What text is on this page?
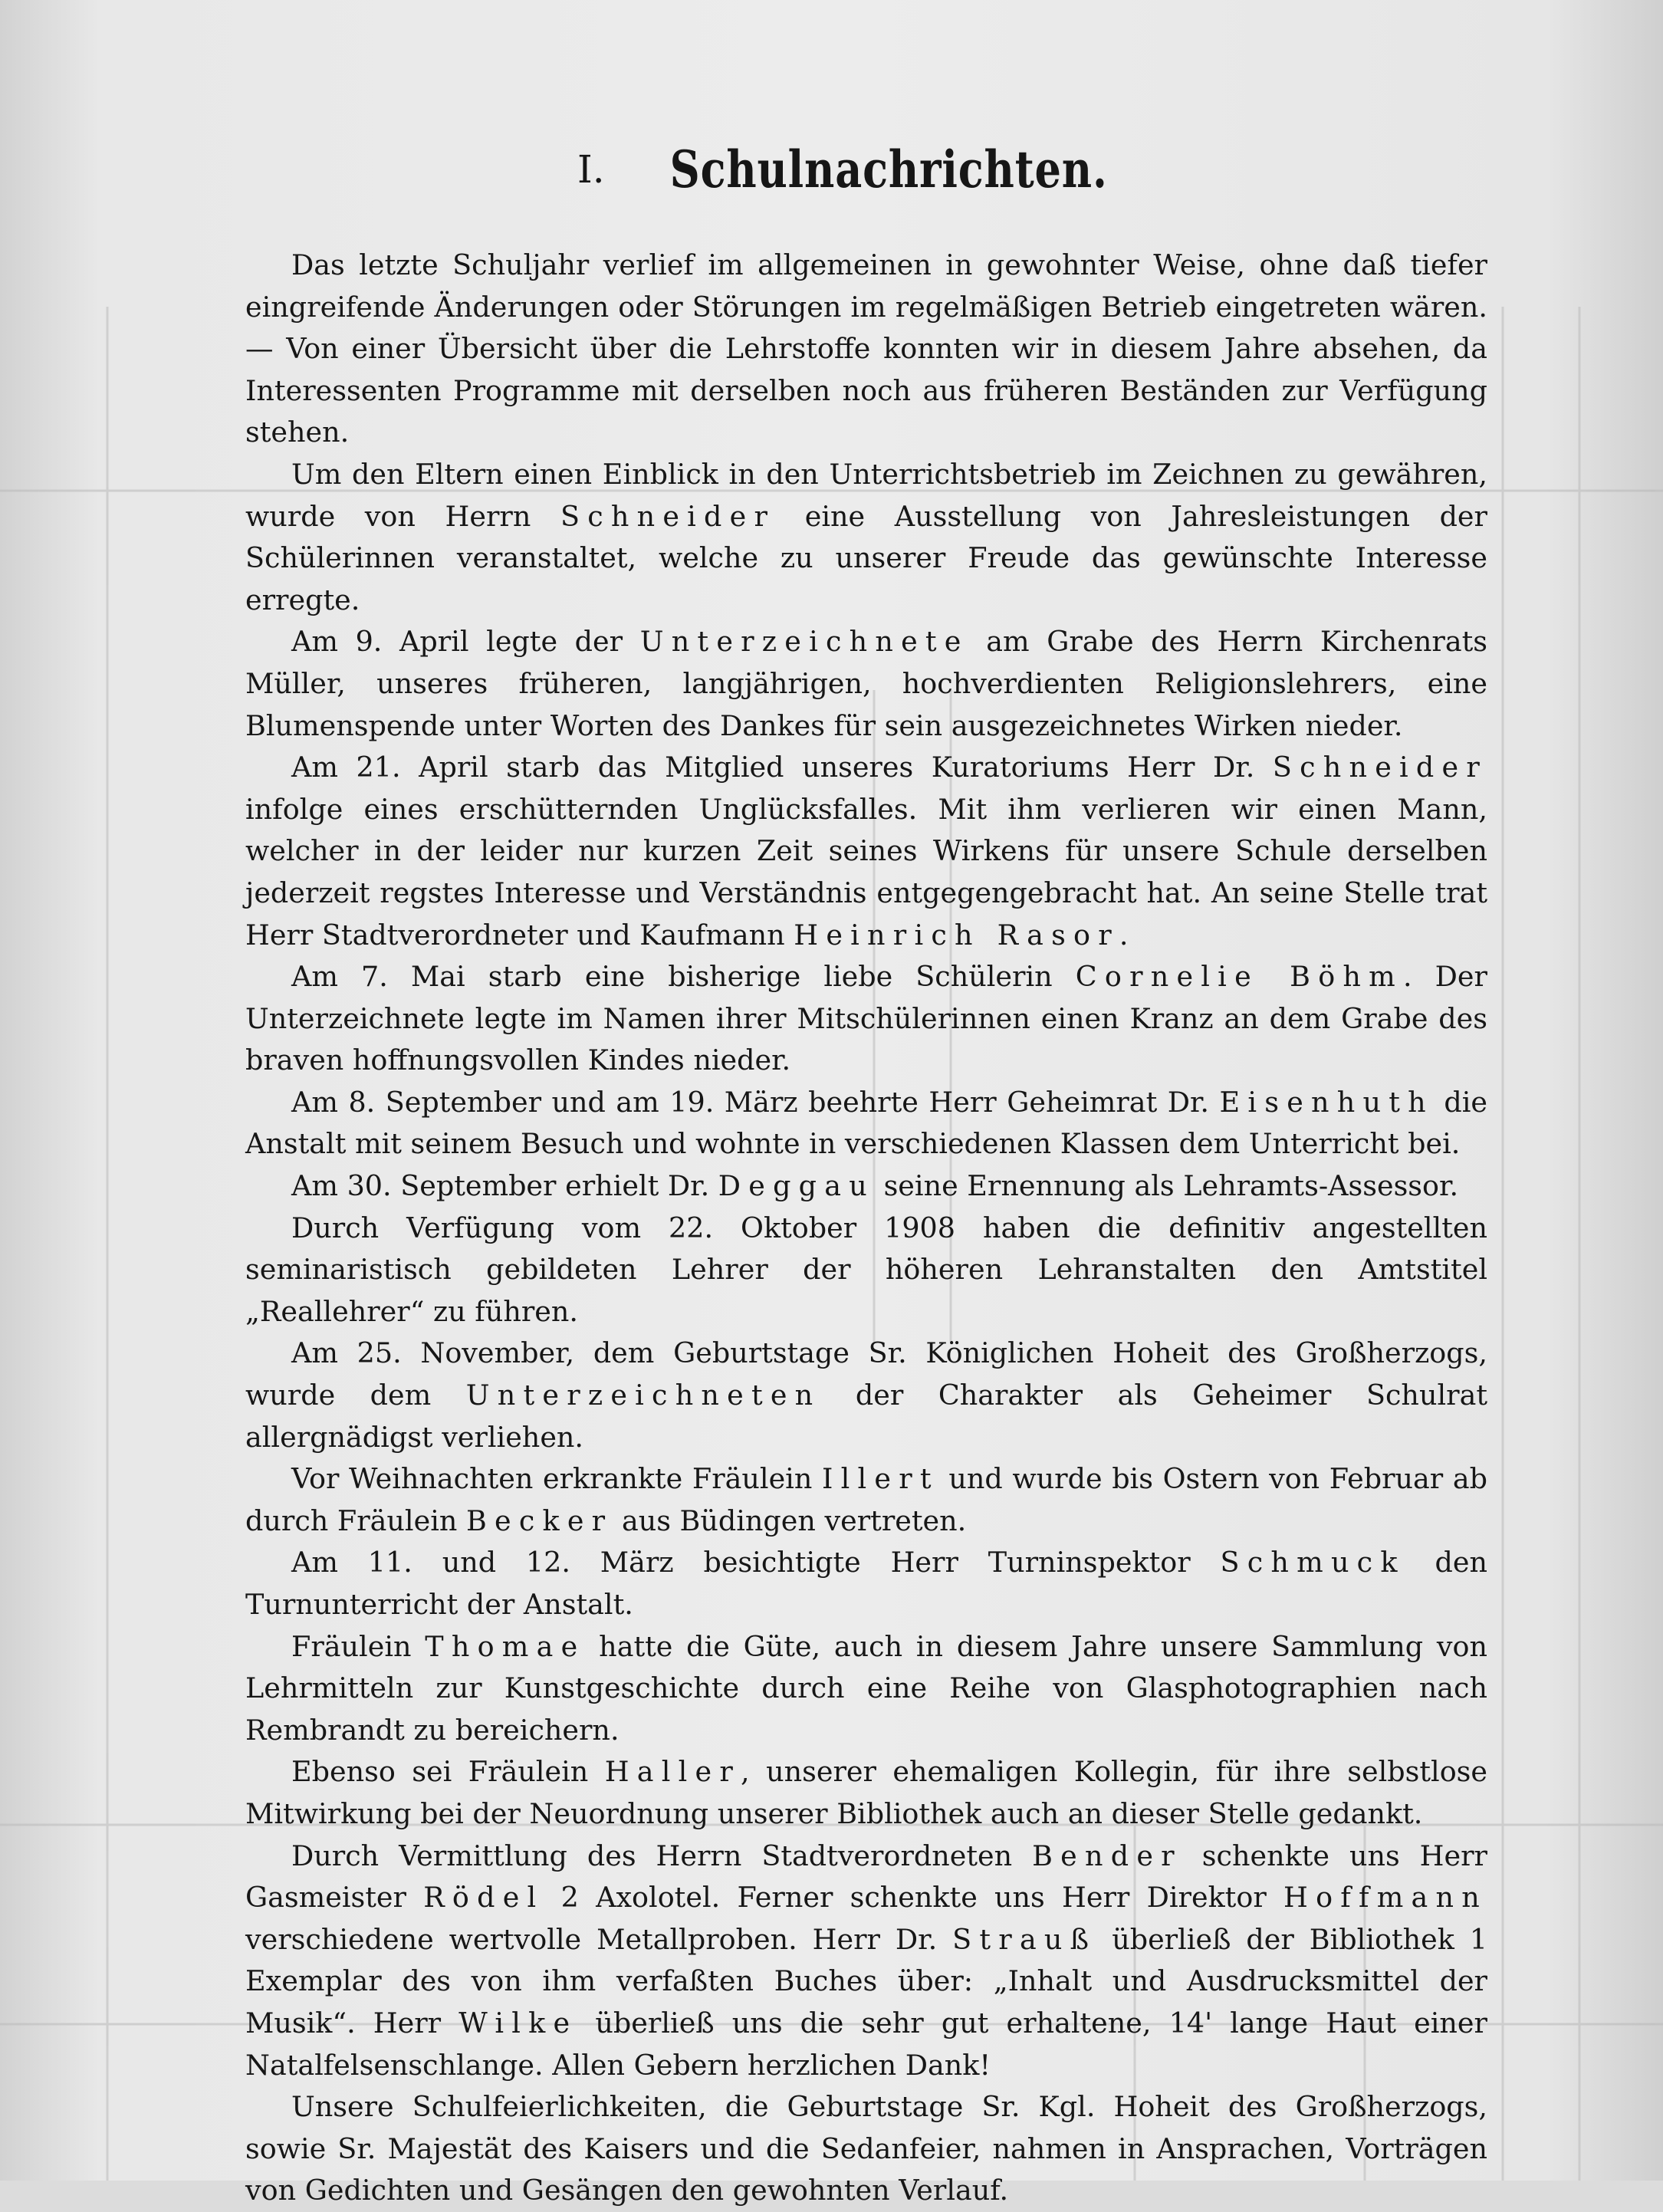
I. Schulnachrichten.

Das letzte Schuljahr verlief im allgemeinen in gewohnter Weise, ohne daß tiefer eingreifende Änderungen oder Störungen im regelmäßigen Betrieb eingetreten wären. — Von einer Übersicht über die Lehrstoffe konnten wir in diesem Jahre absehen, da Interessenten Programme mit derselben noch aus früheren Beständen zur Verfügung stehen.

Um den Eltern einen Einblick in den Unterrichtsbetrieb im Zeichnen zu gewähren, wurde von Herrn Schneider eine Ausstellung von Jahresleistungen der Schülerinnen veranstaltet, welche zu unserer Freude das gewünschte Interesse erregte.

Am 9. April legte der Unterzeichnete am Grabe des Herrn Kirchenrats Müller, unseres früheren, langjährigen, hochverdienten Religionslehrers, eine Blumenspende unter Worten des Dankes für sein ausgezeichnetes Wirken nieder.

Am 21. April starb das Mitglied unseres Kuratoriums Herr Dr. Schneider infolge eines erschütternden Unglücksfalles. Mit ihm verlieren wir einen Mann, welcher in der leider nur kurzen Zeit seines Wirkens für unsere Schule derselben jederzeit regstes Interesse und Verständnis entgegengebracht hat. An seine Stelle trat Herr Stadtverordneter und Kaufmann Heinrich Rasor.

Am 7. Mai starb eine bisherige liebe Schülerin Cornelie Böhm. Der Unterzeichnete legte im Namen ihrer Mitschülerinnen einen Kranz an dem Grabe des braven hoffnungsvollen Kindes nieder.

Am 8. September und am 19. März beehrte Herr Geheimrat Dr. Eisenhuth die Anstalt mit seinem Besuch und wohnte in verschiedenen Klassen dem Unterricht bei.

Am 30. September erhielt Dr. Deggau seine Ernennung als Lehramts-Assessor.

Durch Verfügung vom 22. Oktober 1908 haben die definitiv angestellten seminaristisch gebildeten Lehrer der höheren Lehranstalten den Amtstitel „Reallehrer“ zu führen.

Am 25. November, dem Geburtstage Sr. Königlichen Hoheit des Großherzogs, wurde dem Unterzeichneten der Charakter als Geheimer Schulrat allergnädigst verliehen.

Vor Weihnachten erkrankte Fräulein Illert und wurde bis Ostern von Februar ab durch Fräulein Becker aus Büdingen vertreten.

Am 11. und 12. März besichtigte Herr Turninspektor Schmuck den Turnunterricht der Anstalt.

Fräulein Thomae hatte die Güte, auch in diesem Jahre unsere Sammlung von Lehrmitteln zur Kunstgeschichte durch eine Reihe von Glasphotographien nach Rembrandt zu bereichern.

Ebenso sei Fräulein Haller, unserer ehemaligen Kollegin, für ihre selbstlose Mitwirkung bei der Neuordnung unserer Bibliothek auch an dieser Stelle gedankt.

Durch Vermittlung des Herrn Stadtverordneten Bender schenkte uns Herr Gasmeister Rödel 2 Axolotel. Ferner schenkte uns Herr Direktor Hoffmann verschiedene wertvolle Metallproben. Herr Dr. Strauß überließ der Bibliothek 1 Exemplar des von ihm verfaßten Buches über: „Inhalt und Ausdrucksmittel der Musik“. Herr Wilke überließ uns die sehr gut erhaltene, 14' lange Haut einer Natalfelsenschlange. Allen Gebern herzlichen Dank!

Unsere Schulfeierlichkeiten, die Geburtstage Sr. Kgl. Hoheit des Großherzogs, sowie Sr. Majestät des Kaisers und die Sedanfeier, nahmen in Ansprachen, Vorträgen von Gedichten und Gesängen den gewohnten Verlauf.
